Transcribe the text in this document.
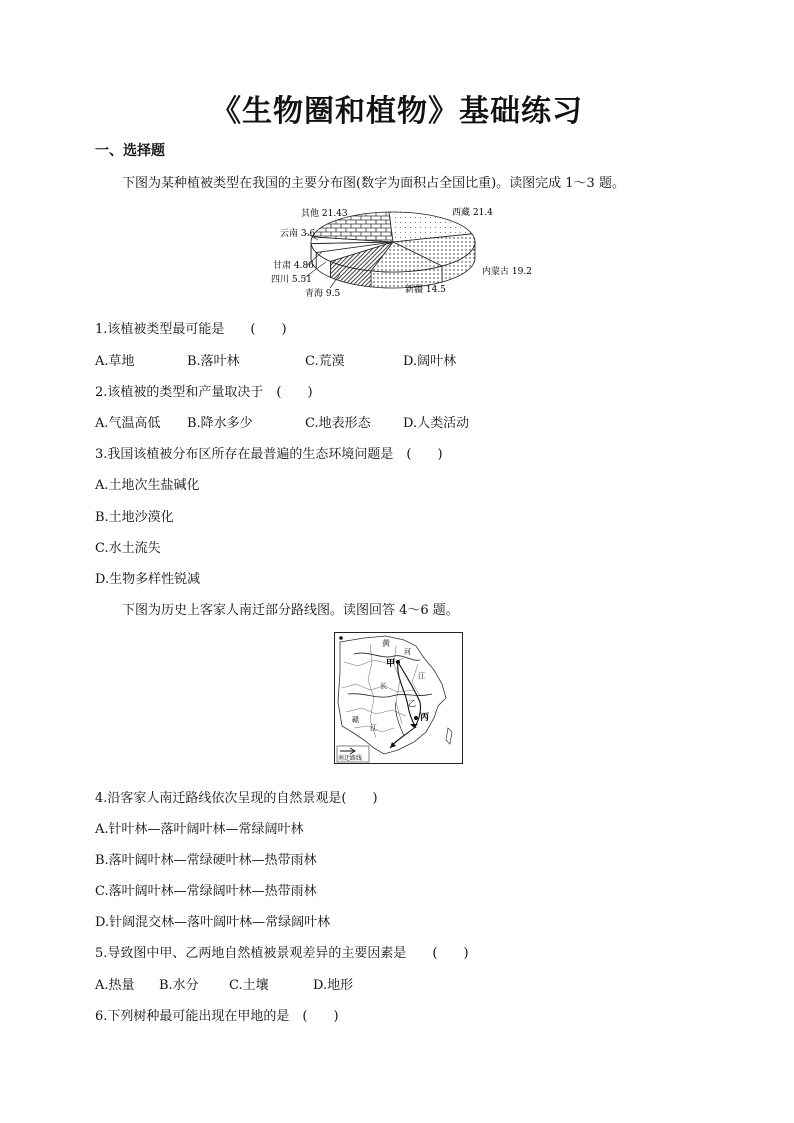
《生物圈和植物》基础练习
一、选择题
下图为某种植被类型在我国的主要分布图(数字为面积占全国比重)。读图完成 1～3 题。
其他 21.43	西藏 21.4
云南 3.6
甘肃 4.86
四川 5.51
青海 9.5	新疆 14.5
内蒙古 19.2
1.该植被类型最可能是　　(　　)
A.草地	B.落叶林	C.荒漠	D.阔叶林
2.该植被的类型和产量取决于　(　　)
A.气温高低 B.降水多少	C.地表形态 D.人类活动
3.我国该植被分布区所存在最普遍的生态环境问题是　(　　)
A.土地次生盐碱化
B.土地沙漠化
C.水土流失
D.生物多样性锐减
下图为历史上客家人南迁部分路线图。读图回答 4～6 题。
黄
河
甲
长
江
赣
江
乙
丙
南迁路线
4.沿客家人南迁路线依次呈现的自然景观是(　　)
A.针叶林—落叶阔叶林—常绿阔叶林
B.落叶阔叶林—常绿硬叶林—热带雨林
C.落叶阔叶林—常绿阔叶林—热带雨林
D.针阔混交林—落叶阔叶林—常绿阔叶林
5.导致图中甲、乙两地自然植被景观差异的主要因素是　　(　　)
A.热量 B.水分 C.土壤	D.地形
6.下列树种最可能出现在甲地的是　(　　)
